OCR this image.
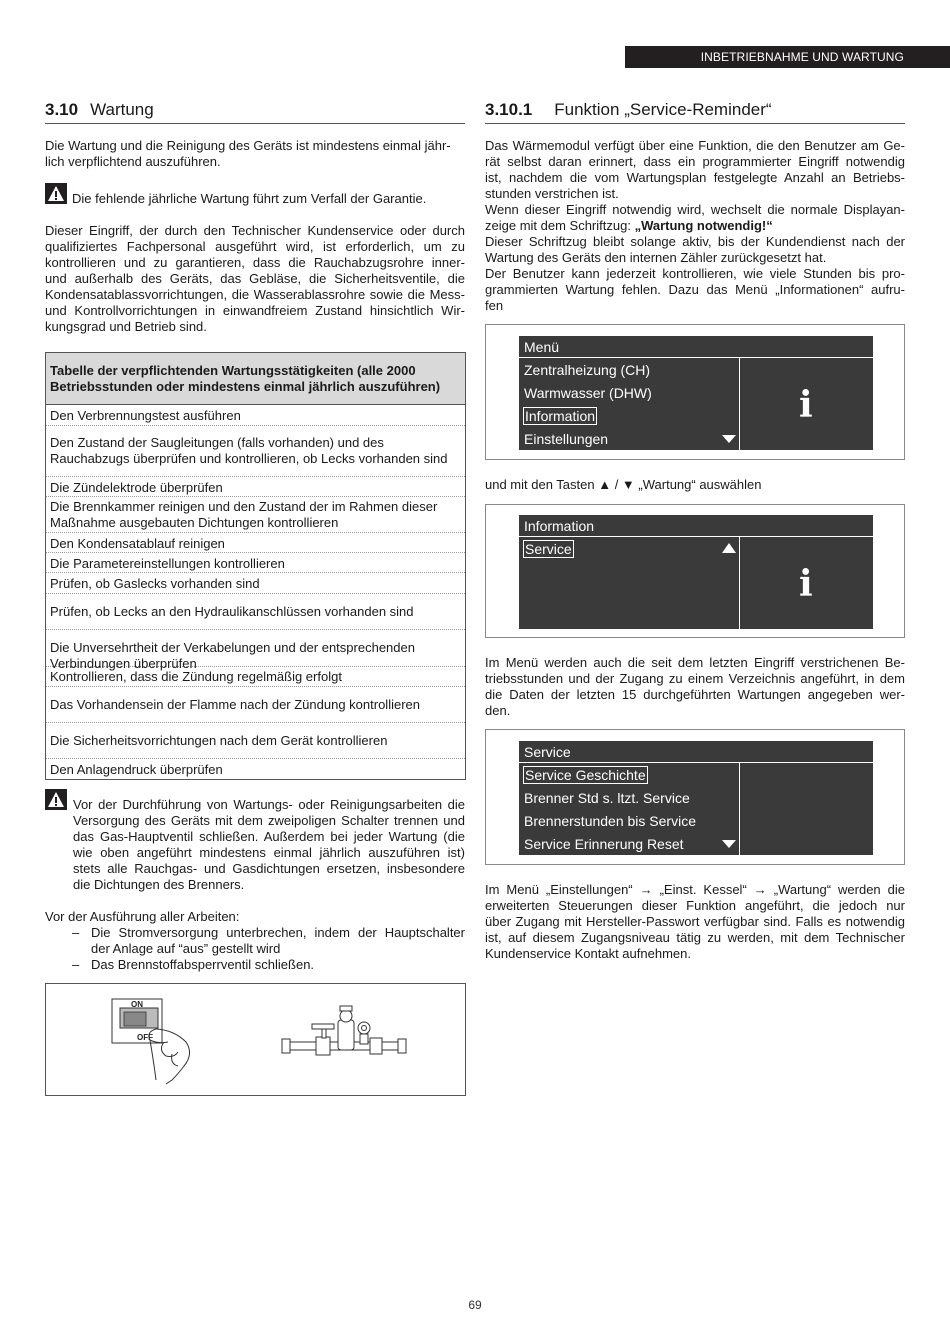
INBETRIEBNAHME UND WARTUNG
3.10 Wartung
Die Wartung und die Reinigung des Geräts ist mindestens einmal jähr-
lich verpflichtend auszuführen.
Die fehlende jährliche Wartung führt zum Verfall der Garantie.
Dieser Eingriff, der durch den Technischer Kundenservice oder durch
qualifiziertes Fachpersonal ausgeführt wird, ist erforderlich, um zu
kontrollieren und zu garantieren, dass die Rauchabzugsrohre inner-
und außerhalb des Geräts, das Gebläse, die Sicherheitsventile, die
Kondensatablassvorrichtungen, die Wasserablassrohre sowie die Mess-
und Kontrollvorrichtungen in einwandfreiem Zustand hinsichtlich Wir-
kungsgrad und Betrieb sind.
Tabelle der verpflichtenden Wartungsstätigkeiten (alle 2000
Betriebsstunden oder mindestens einmal jährlich auszuführen)
Den Verbrennungstest ausführen
Den Zustand der Saugleitungen (falls vorhanden) und des
Rauchabzugs überprüfen und kontrollieren, ob Lecks vorhanden sind
Die Zündelektrode überprüfen
Die Brennkammer reinigen und den Zustand der im Rahmen dieser
Maßnahme ausgebauten Dichtungen kontrollieren
Den Kondensatablauf reinigen
Die Parametereinstellungen kontrollieren
Prüfen, ob Gaslecks vorhanden sind
Prüfen, ob Lecks an den Hydraulikanschlüssen vorhanden sind
Die Unversehrtheit der Verkabelungen und der entsprechenden
Verbindungen überprüfen
Kontrollieren, dass die Zündung regelmäßig erfolgt
Das Vorhandensein der Flamme nach der Zündung kontrollieren
Die Sicherheitsvorrichtungen nach dem Gerät kontrollieren
Den Anlagendruck überprüfen
Vor der Durchführung von Wartungs- oder Reinigungsarbeiten die
Versorgung des Geräts mit dem zweipoligen Schalter trennen und
das Gas-Hauptventil schließen. Außerdem bei jeder Wartung (die
wie oben angeführt mindestens einmal jährlich auszuführen ist)
stets alle Rauchgas- und Gasdichtungen ersetzen, insbesondere
die Dichtungen des Brenners.
Vor der Ausführung aller Arbeiten:
– Die Stromversorgung unterbrechen, indem der Hauptschalter
der Anlage auf “aus” gestellt wird
– Das Brennstoffabsperrventil schließen.
ON
OFF
3.10.1 Funktion „Service-Reminder“
Das Wärmemodul verfügt über eine Funktion, die den Benutzer am Ge-
rät selbst daran erinnert, dass ein programmierter Eingriff notwendig
ist, nachdem die vom Wartungsplan festgelegte Anzahl an Betriebs-
stunden verstrichen ist.
Wenn dieser Eingriff notwendig wird, wechselt die normale Displayan-
zeige mit dem Schriftzug: „Wartung notwendig!“
Dieser Schriftzug bleibt solange aktiv, bis der Kundendienst nach der
Wartung des Geräts den internen Zähler zurückgesetzt hat.
Der Benutzer kann jederzeit kontrollieren, wie viele Stunden bis pro-
grammierten Wartung fehlen. Dazu das Menü „Informationen“ aufru-
fen
Menü
Zentralheizung (CH)
Warmwasser (DHW)
Information
Einstellungen
i
und mit den Tasten ▲ / ▼ „Wartung“ auswählen
Information
Service
i
Im Menü werden auch die seit dem letzten Eingriff verstrichenen Be-
triebsstunden und der Zugang zu einem Verzeichnis angeführt, in dem
die Daten der letzten 15 durchgeführten Wartungen angegeben wer-
den.
Service
Service Geschichte
Brenner Std s. ltzt. Service
Brennerstunden bis Service
Service Erinnerung Reset
Im Menü „Einstellungen“ → „Einst. Kessel“ → „Wartung“ werden die
erweiterten Steuerungen dieser Funktion angeführt, die jedoch nur
über Zugang mit Hersteller-Passwort verfügbar sind. Falls es notwendig
ist, auf diesem Zugangsniveau tätig zu werden, mit dem Technischer
Kundenservice Kontakt aufnehmen.
69
